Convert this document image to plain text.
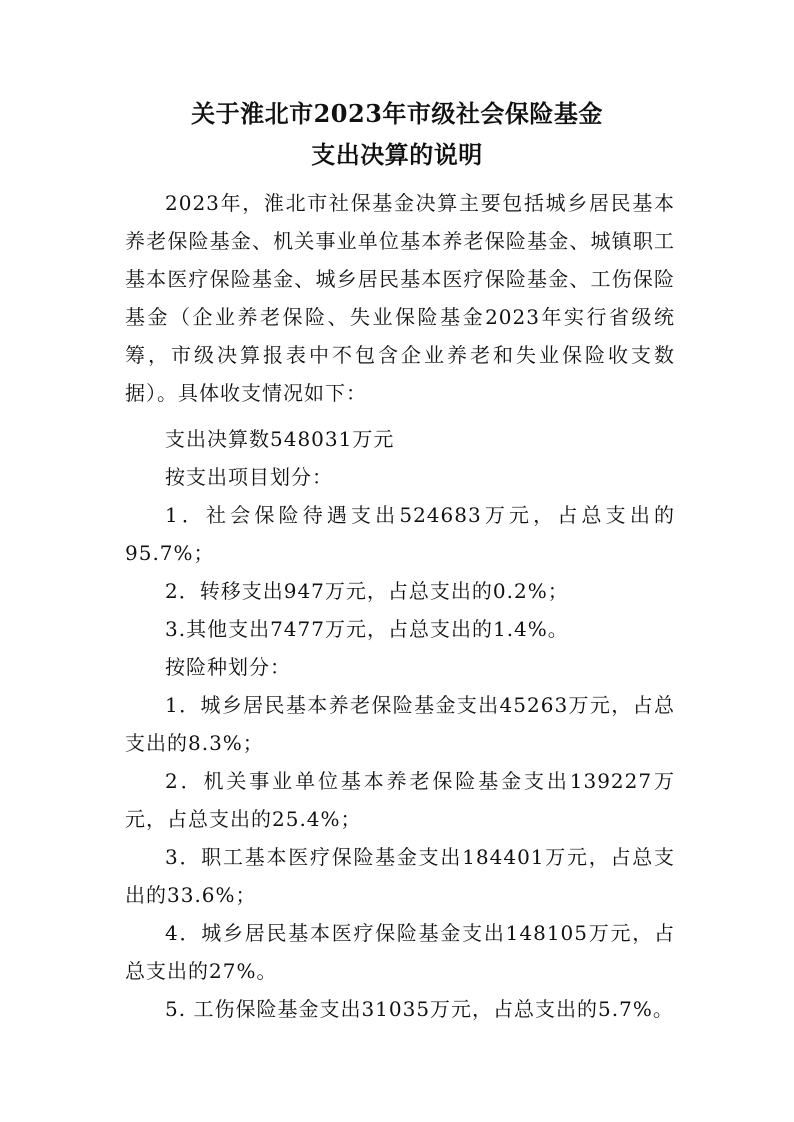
关于淮北市2023年市级社会保险基金
支出决算的说明

2023年，淮北市社保基金决算主要包括城乡居民基本养老保险基金、机关事业单位基本养老保险基金、城镇职工基本医疗保险基金、城乡居民基本医疗保险基金、工伤保险基金（企业养老保险、失业保险基金2023年实行省级统筹，市级决算报表中不包含企业养老和失业保险收支数据）。具体收支情况如下：

支出决算数548031万元

按支出项目划分：

1．社会保险待遇支出524683万元，占总支出的95.7%；

2．转移支出947万元，占总支出的0.2%；

3.其他支出7477万元，占总支出的1.4%。

按险种划分：

1．城乡居民基本养老保险基金支出45263万元，占总支出的8.3%；

2．机关事业单位基本养老保险基金支出139227万元，占总支出的25.4%；

3．职工基本医疗保险基金支出184401万元，占总支出的33.6%；

4．城乡居民基本医疗保险基金支出148105万元，占总支出的27%。

5. 工伤保险基金支出31035万元，占总支出的5.7%。
